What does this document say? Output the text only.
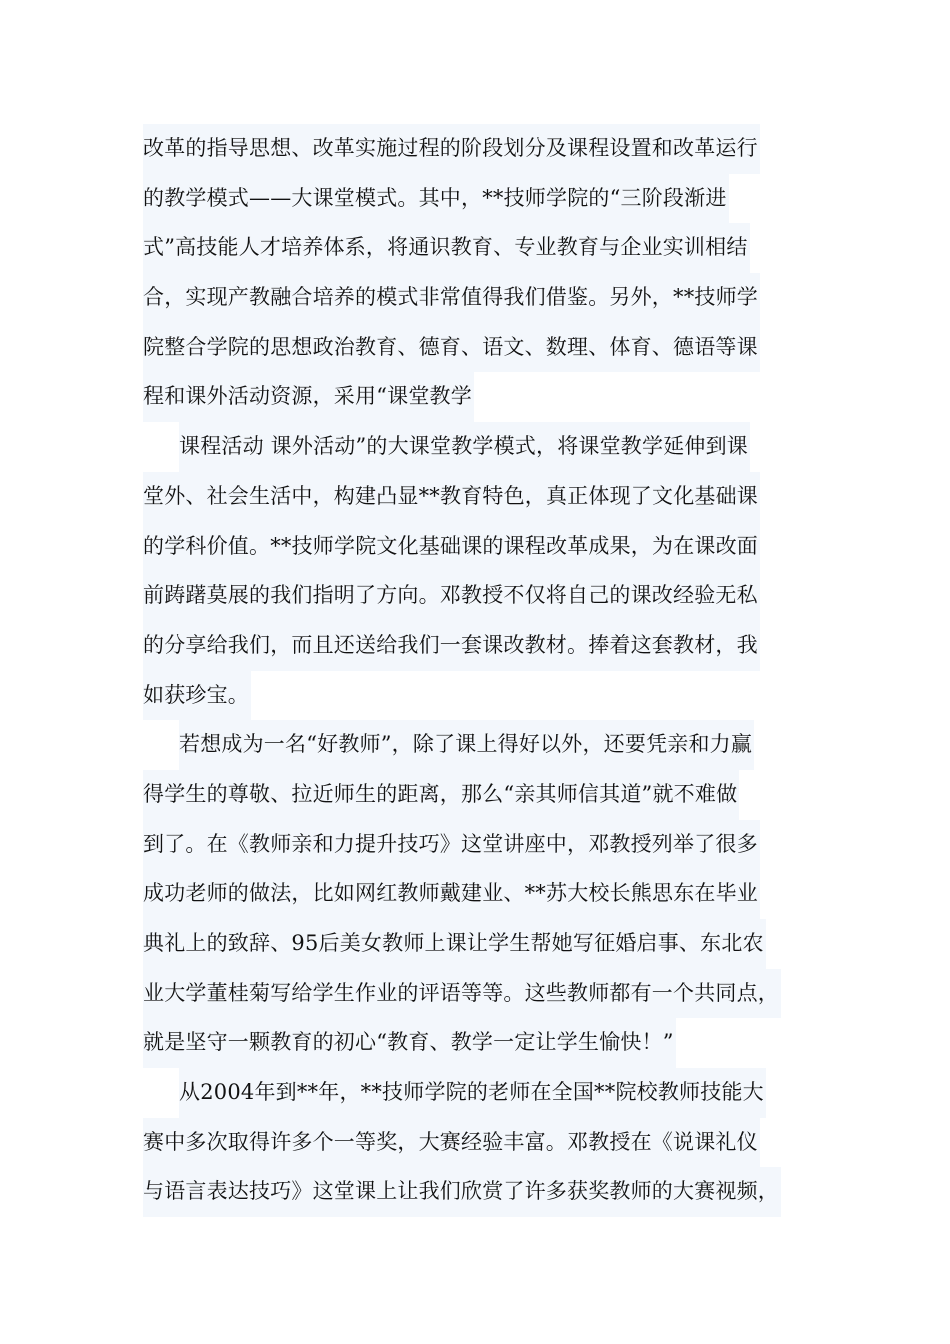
改革的指导思想、改革实施过程的阶段划分及课程设置和改革运行
的教学模式——大课堂模式。其中，**技师学院的“三阶段渐进
式”高技能人才培养体系，将通识教育、专业教育与企业实训相结
合，实现产教融合培养的模式非常值得我们借鉴。另外，**技师学
院整合学院的思想政治教育、德育、语文、数理、体育、德语等课
程和课外活动资源，采用“课堂教学
课程活动 课外活动”的大课堂教学模式，将课堂教学延伸到课
堂外、社会生活中，构建凸显**教育特色，真正体现了文化基础课
的学科价值。**技师学院文化基础课的课程改革成果，为在课改面
前踌躇莫展的我们指明了方向。邓教授不仅将自己的课改经验无私
的分享给我们，而且还送给我们一套课改教材。捧着这套教材，我
如获珍宝。
若想成为一名“好教师”，除了课上得好以外，还要凭亲和力赢
得学生的尊敬、拉近师生的距离，那么“亲其师信其道”就不难做
到了。在《教师亲和力提升技巧》这堂讲座中，邓教授列举了很多
成功老师的做法，比如网红教师戴建业、**苏大校长熊思东在毕业
典礼上的致辞、95后美女教师上课让学生帮她写征婚启事、东北农
业大学董桂菊写给学生作业的评语等等。这些教师都有一个共同点，
就是坚守一颗教育的初心“教育、教学一定让学生愉快！”
从2004年到**年，**技师学院的老师在全国**院校教师技能大
赛中多次取得许多个一等奖，大赛经验丰富。邓教授在《说课礼仪
与语言表达技巧》这堂课上让我们欣赏了许多获奖教师的大赛视频，
